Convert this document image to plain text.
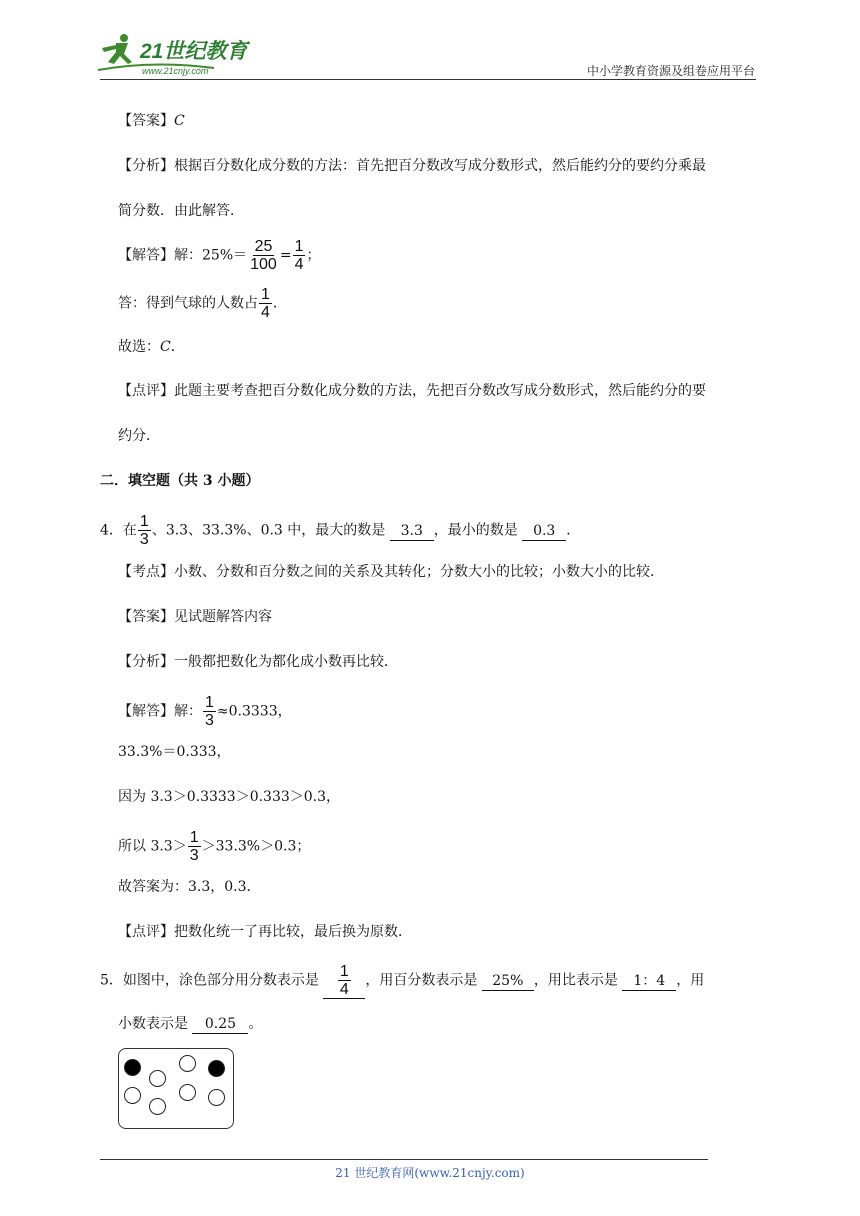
21世纪教育
www.21cnjy.com	中小学教育资源及组卷应用平台
【答案】C
【分析】根据百分数化成分数的方法：首先把百分数改写成分数形式，然后能约分的要约分乘最
简分数．由此解答．
【解答】解：$25\%= \frac{25}{100} = \frac{1}{4}$ ；
答：得到气球的人数占 $\frac{1}{4}$ ．
故选：C．
【点评】此题主要考查把百分数化成分数的方法，先把百分数改写成分数形式，然后能约分的要
约分．
二．填空题（共 3 小题）
4．在 $\frac{1}{3}$ 、3.3、33.3%、0.3 中，最大的数是 3.3 ，最小的数是 0.3 ．
【考点】小数、分数和百分数之间的关系及其转化；分数大小的比较；小数大小的比较．
【答案】见试题解答内容
【分析】一般都把数化为都化成小数再比较．
【解答】解： $\frac{1}{3} \approx 0.3333$，
33.3%＝0.333，
因为 3.3＞0.3333＞0.333＞0.3，
所以 $3.3> \frac{1}{3} >33.3\%>0.3$；
故答案为：3.3，0.3．
【点评】把数化统一了再比较，最后换为原数．
5．如图中，涂色部分用分数表示是 $\frac{1}{4}$ ，用百分数表示是 25% ，用比表示是 1：4 ，用
小数表示是 0.25 。
21 世纪教育网(www.21cnjy.com)
